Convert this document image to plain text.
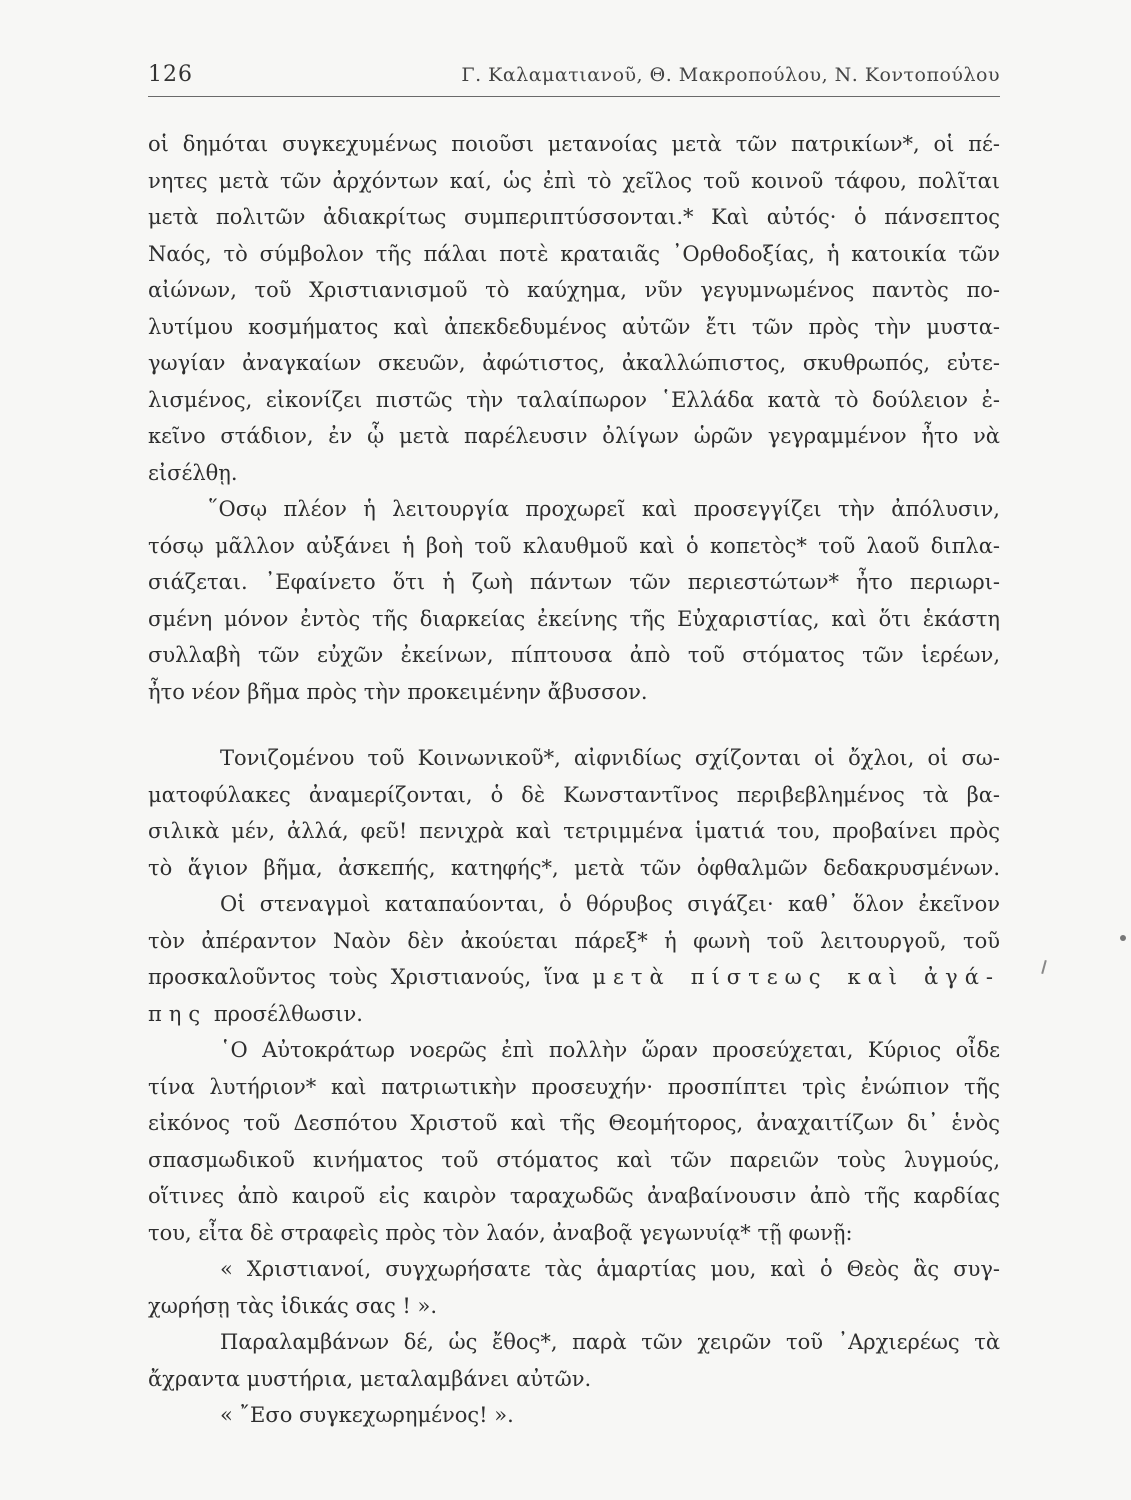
126	Γ. Καλαματιανοῦ, Θ. Μακροπούλου, Ν. Κοντοπούλου
οἱ δημόται συγκεχυμένως ποιοῦσι μετανοίας μετὰ τῶν πατρικίων*, οἱ πέ-
νητες μετὰ τῶν ἀρχόντων καί, ὡς ἐπὶ τὸ χεῖλος τοῦ κοινοῦ τάφου, πολῖται
μετὰ πολιτῶν ἀδιακρίτως συμπεριπτύσσονται.* Καὶ αὐτός· ὁ πάνσεπτος
Ναός, τὸ σύμβολον τῆς πάλαι ποτὲ κραταιᾶς ᾿Ορθοδοξίας, ἡ κατοικία τῶν
αἰώνων, τοῦ Χριστιανισμοῦ τὸ καύχημα, νῦν γεγυμνωμένος παντὸς πο-
λυτίμου κοσμήματος καὶ ἀπεκδεδυμένος αὐτῶν ἔτι τῶν πρὸς τὴν μυστα-
γωγίαν ἀναγκαίων σκευῶν, ἀφώτιστος, ἀκαλλώπιστος, σκυθρωπός, εὐτε-
λισμένος, εἰκονίζει πιστῶς τὴν ταλαίπωρον ῾Ελλάδα κατὰ τὸ δούλειον ἐ-
κεῖνο στάδιον, ἐν ᾧ μετὰ παρέλευσιν ὀλίγων ὡρῶν γεγραμμένον ἦτο νὰ
εἰσέλθῃ.
῞Οσῳ πλέον ἡ λειτουργία προχωρεῖ καὶ προσεγγίζει τὴν ἀπόλυσιν,
τόσῳ μᾶλλον αὐξάνει ἡ βοὴ τοῦ κλαυθμοῦ καὶ ὁ κοπετὸς* τοῦ λαοῦ διπλα-
σιάζεται. ᾿Εφαίνετο ὅτι ἡ ζωὴ πάντων τῶν περιεστώτων* ἦτο περιωρι-
σμένη μόνον ἐντὸς τῆς διαρκείας ἐκείνης τῆς Εὐχαριστίας, καὶ ὅτι ἑκάστη
συλλαβὴ τῶν εὐχῶν ἐκείνων, πίπτουσα ἀπὸ τοῦ στόματος τῶν ἱερέων,
ἦτο νέον βῆμα πρὸς τὴν προκειμένην ἄβυσσον.
Τονιζομένου τοῦ Κοινωνικοῦ*, αἰφνιδίως σχίζονται οἱ ὄχλοι, οἱ σω-
ματοφύλακες ἀναμερίζονται, ὁ δὲ Κωνσταντῖνος περιβεβλημένος τὰ βα-
σιλικὰ μέν, ἀλλά, φεῦ! πενιχρὰ καὶ τετριμμένα ἱματιά του, προβαίνει πρὸς
τὸ ἅγιον βῆμα, ἀσκεπής, κατηφής*, μετὰ τῶν ὀφθαλμῶν δεδακρυσμένων.
Οἱ στεναγμοὶ καταπαύονται, ὁ θόρυβος σιγάζει· καθ᾿ ὅλον ἐκεῖνον
τὸν ἀπέραντον Ναὸν δὲν ἀκούεται πάρεξ* ἡ φωνὴ τοῦ λειτουργοῦ, τοῦ
προσκαλοῦντος τοὺς Χριστιανούς, ἵνα μετὰ πίστεως καὶ ἀγά-
πης προσέλθωσιν.
῾Ο Αὐτοκράτωρ νοερῶς ἐπὶ πολλὴν ὥραν προσεύχεται, Κύριος οἶδε
τίνα λυτήριον* καὶ πατριωτικὴν προσευχήν· προσπίπτει τρὶς ἐνώπιον τῆς
εἰκόνος τοῦ Δεσπότου Χριστοῦ καὶ τῆς Θεομήτορος, ἀναχαιτίζων δι᾿ ἑνὸς
σπασμωδικοῦ κινήματος τοῦ στόματος καὶ τῶν παρειῶν τοὺς λυγμούς,
οἵτινες ἀπὸ καιροῦ εἰς καιρὸν ταραχωδῶς ἀναβαίνουσιν ἀπὸ τῆς καρδίας
του, εἶτα δὲ στραφεὶς πρὸς τὸν λαόν, ἀναβοᾷ γεγωνυίᾳ* τῇ φωνῇ:
« Χριστιανοί, συγχωρήσατε τὰς ἁμαρτίας μου, καὶ ὁ Θεὸς ἃς συγ-
χωρήσῃ τὰς ἰδικάς σας ! ».
Παραλαμβάνων δέ, ὡς ἔθος*, παρὰ τῶν χειρῶν τοῦ ᾿Αρχιερέως τὰ
ἄχραντα μυστήρια, μεταλαμβάνει αὐτῶν.
« ῎Εσο συγκεχωρημένος! ».
